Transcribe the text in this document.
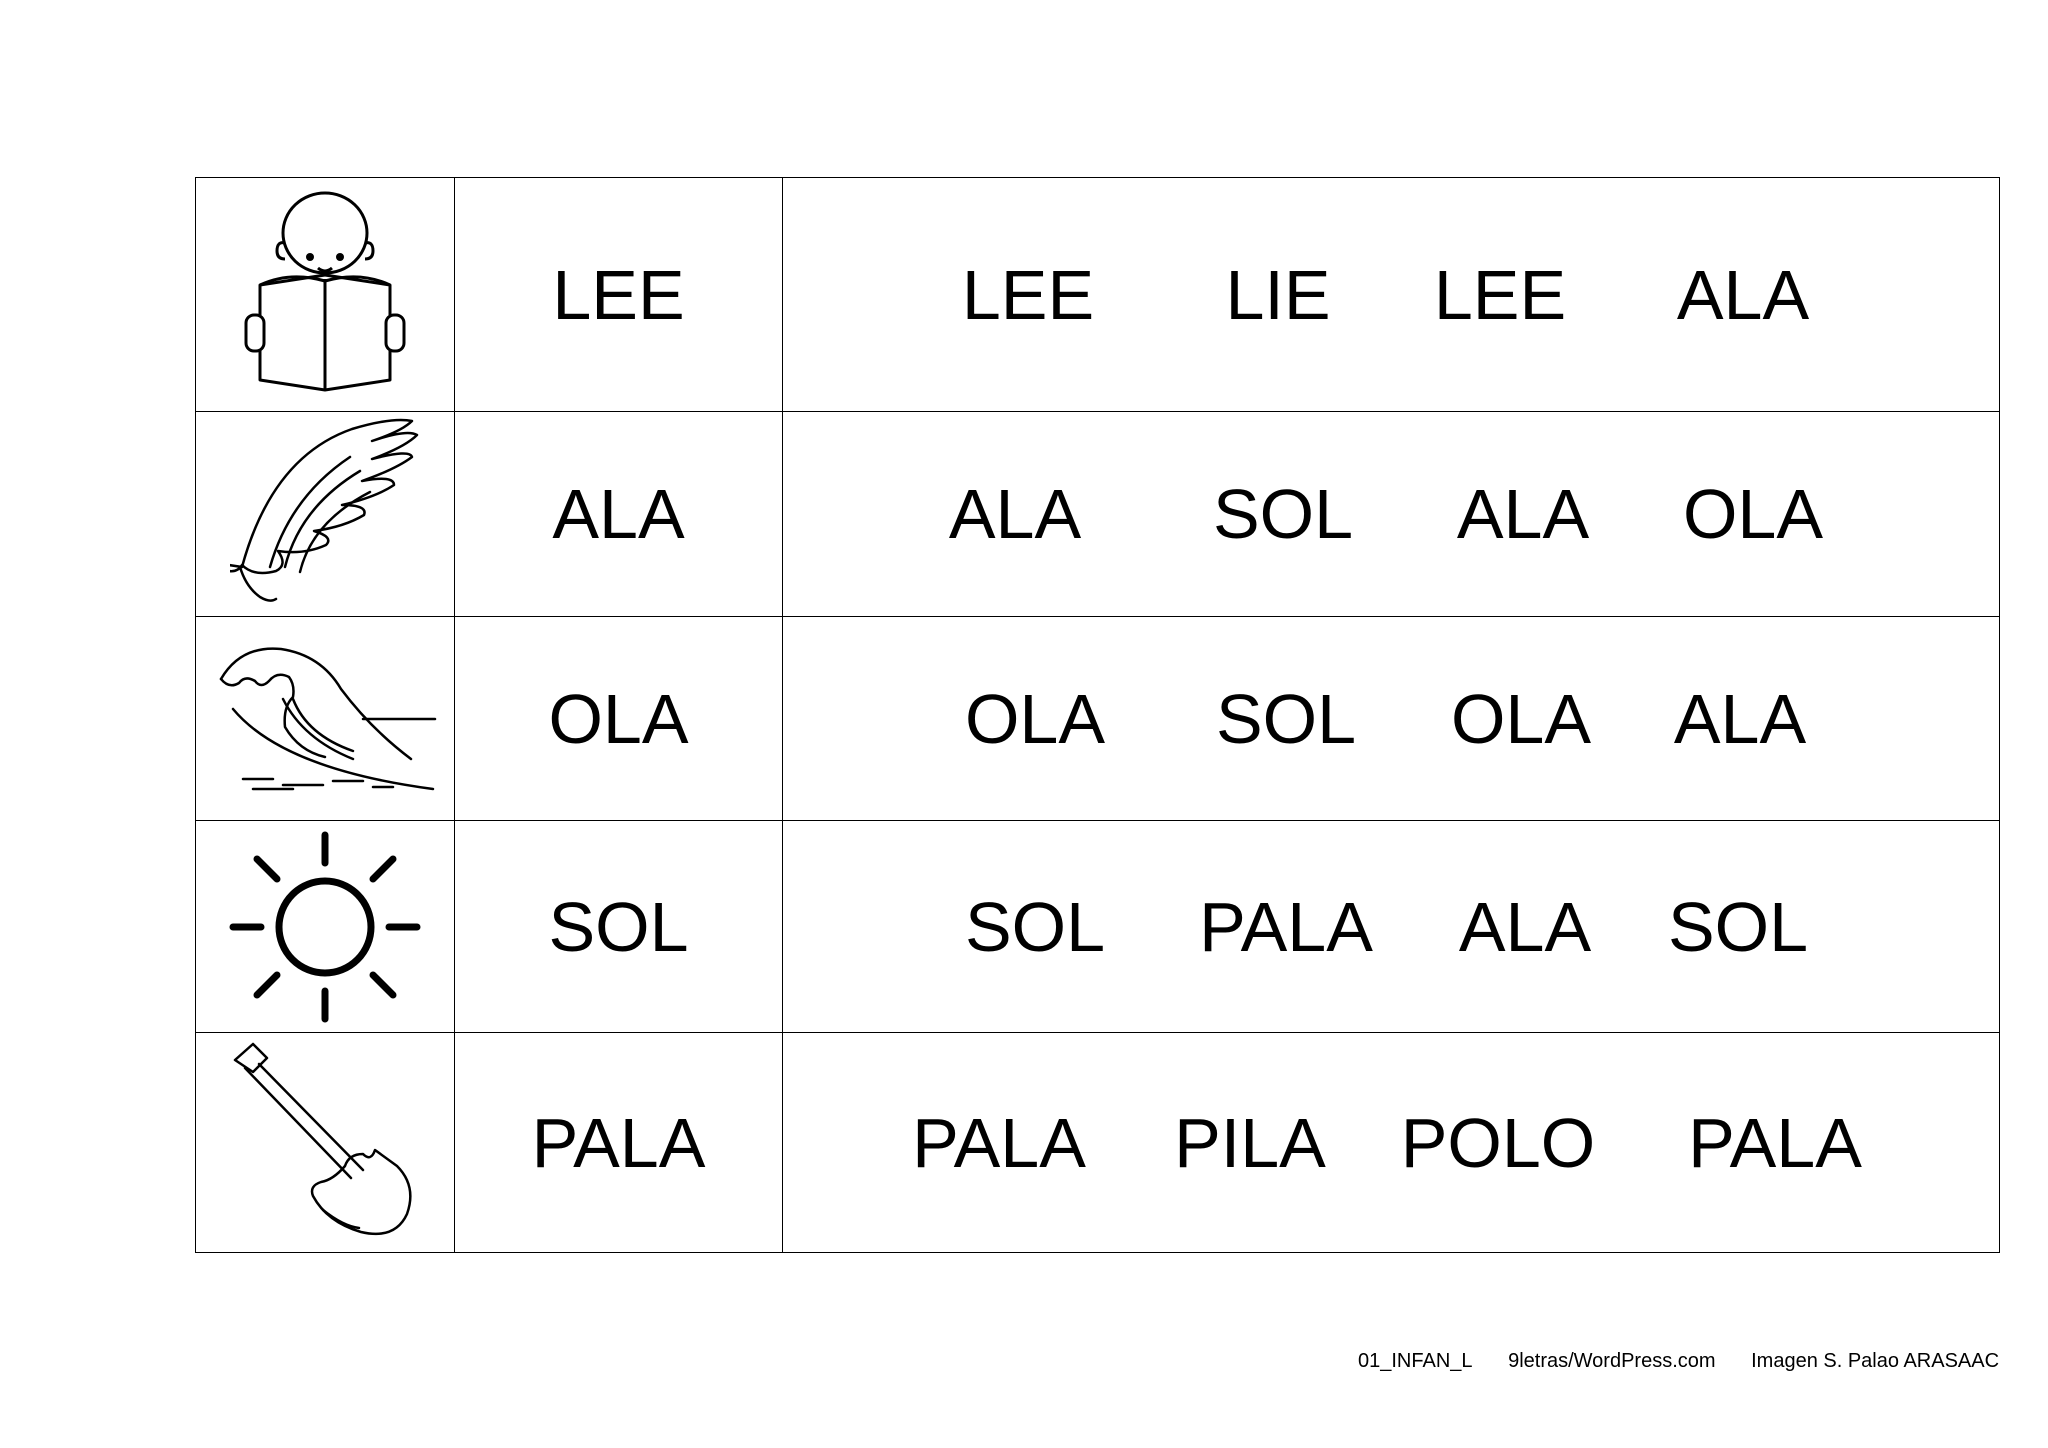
	LEE	LEE LIE LEE ALA

	ALA	ALA SOL ALA OLA

	OLA	OLA SOL OLA ALA

	SOL	SOL PALA ALA SOL

	PALA	PALA PILA POLO PALA
01_INFAN_L 9letras/WordPress.com Imagen S. Palao ARASAAC
